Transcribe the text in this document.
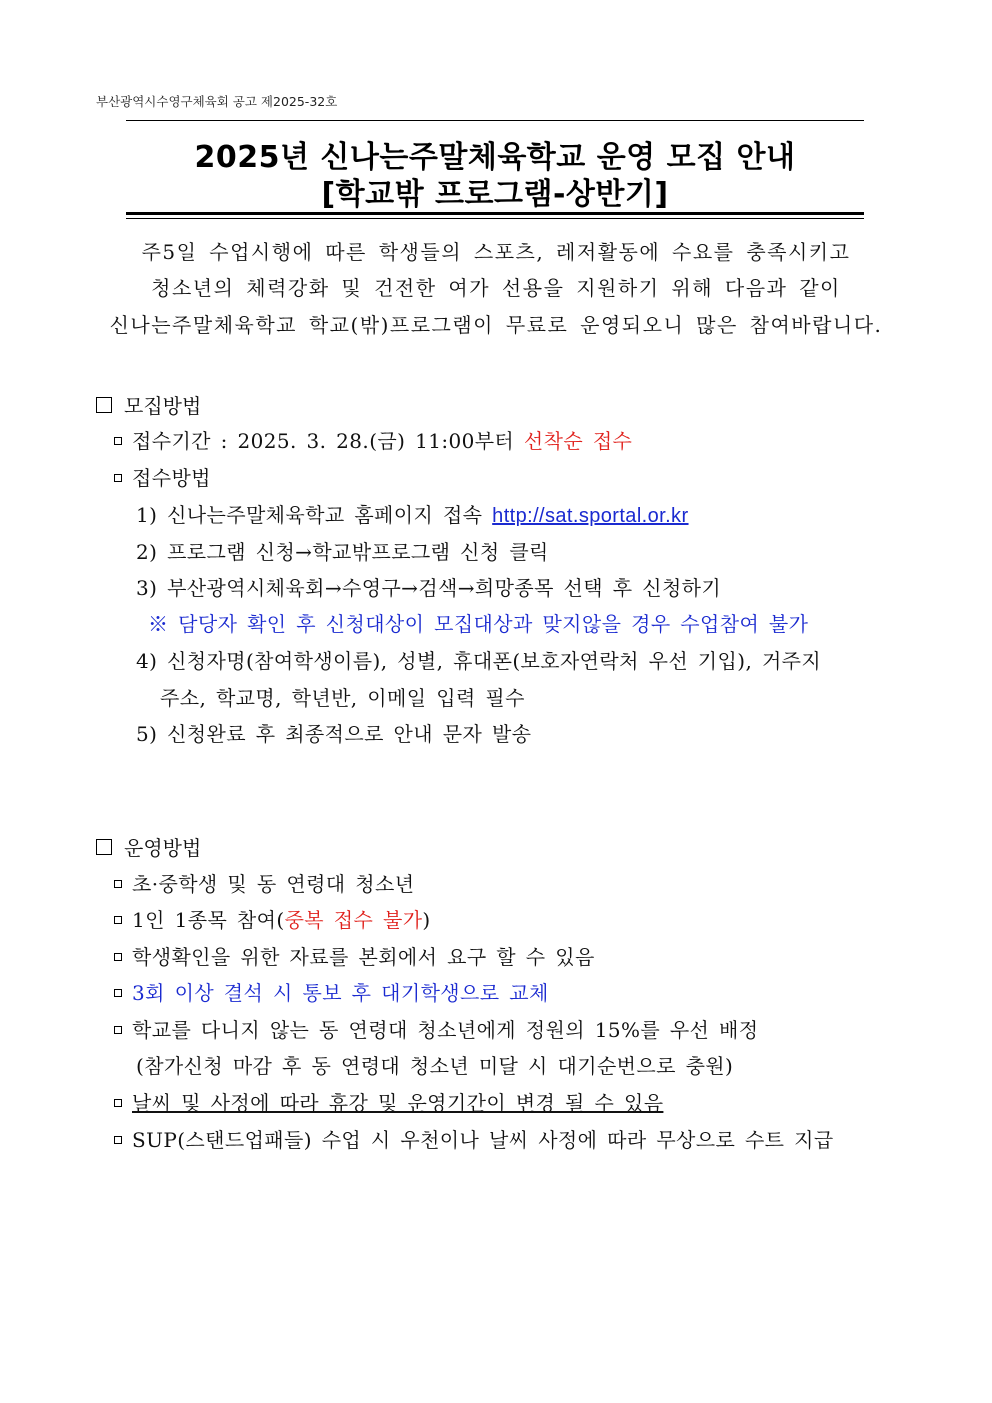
부산광역시수영구체육회 공고 제2025-32호
2025년 신나는주말체육학교 운영 모집 안내
[학교밖 프로그램-상반기]
주5일 수업시행에 따른 학생들의 스포츠, 레저활동에 수요를 충족시키고
청소년의 체력강화 및 건전한 여가 선용을 지원하기 위해 다음과 같이
신나는주말체육학교 학교(밖)프로그램이 무료로 운영되오니 많은 참여바랍니다.
모집방법
접수기간 : 2025. 3. 28.(금) 11:00부터 선착순 접수
접수방법
1) 신나는주말체육학교 홈페이지 접속 http://sat.sportal.or.kr
2) 프로그램 신청→학교밖프로그램 신청 클릭
3) 부산광역시체육회→수영구→검색→희망종목 선택 후 신청하기
※ 담당자 확인 후 신청대상이 모집대상과 맞지않을 경우 수업참여 불가
4) 신청자명(참여학생이름), 성별, 휴대폰(보호자연락처 우선 기입), 거주지
주소, 학교명, 학년반, 이메일 입력 필수
5) 신청완료 후 최종적으로 안내 문자 발송
운영방법
초·중학생 및 동 연령대 청소년
1인 1종목 참여(중복 접수 불가)
학생확인을 위한 자료를 본회에서 요구 할 수 있음
3회 이상 결석 시 통보 후 대기학생으로 교체
학교를 다니지 않는 동 연령대 청소년에게 정원의 15%를 우선 배정
(참가신청 마감 후 동 연령대 청소년 미달 시 대기순번으로 충원)
날씨 및 사정에 따라 휴강 및 운영기간이 변경 될 수 있음
SUP(스탠드업패들) 수업 시 우천이나 날씨 사정에 따라 무상으로 수트 지급
